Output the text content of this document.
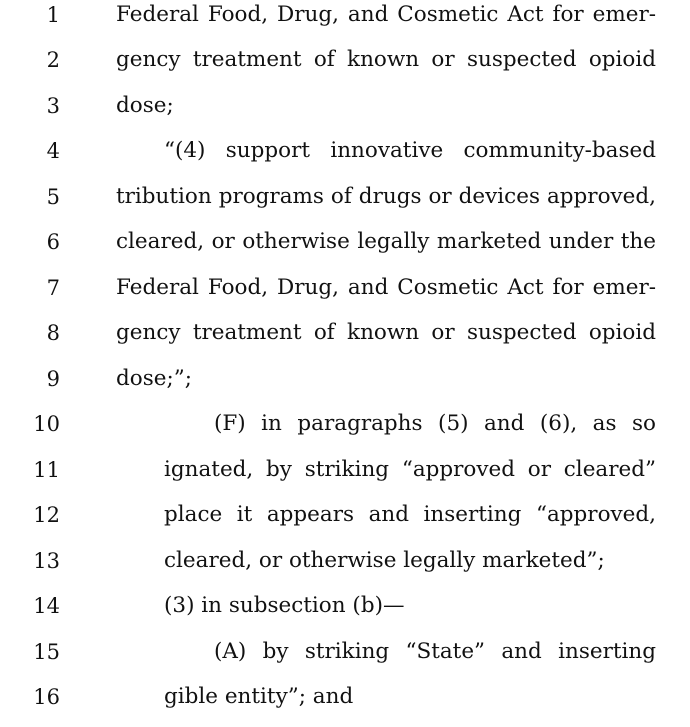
1	Federal Food, Drug, and Cosmetic Act for emer-
2	gency treatment of known or suspected opioid
3	dose;
4	“(4) support innovative community-based
5	tribution programs of drugs or devices approved,
6	cleared, or otherwise legally marketed under the
7	Federal Food, Drug, and Cosmetic Act for emer-
8	gency treatment of known or suspected opioid
9	dose;”;
10	(F) in paragraphs (5) and (6), as so
11	ignated, by striking “approved or cleared”
12	place it appears and inserting “approved,
13	cleared, or otherwise legally marketed”;
14	(3) in subsection (b)—
15	(A) by striking “State” and inserting
16	gible entity”; and
